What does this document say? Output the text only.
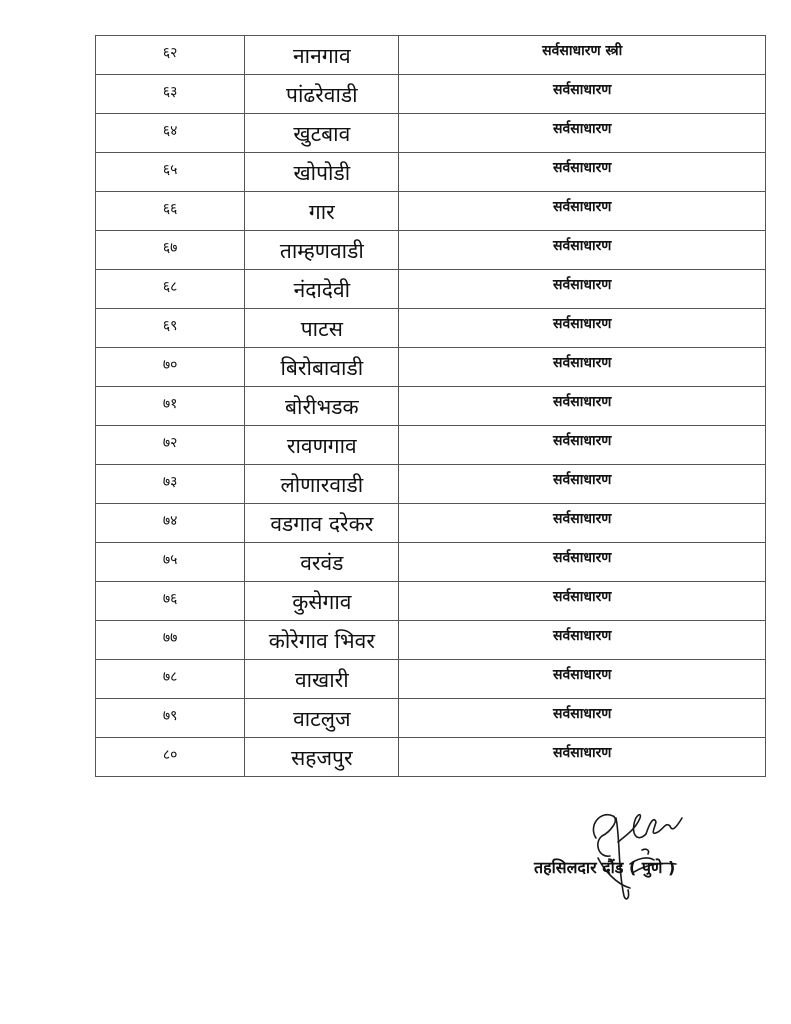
६२	नानगाव	सर्वसाधारण स्त्री
६३	पांढरेवाडी	सर्वसाधारण
६४	खुटबाव	सर्वसाधारण
६५	खोपोडी	सर्वसाधारण
६६	गार	सर्वसाधारण
६७	ताम्हणवाडी	सर्वसाधारण
६८	नंदादेवी	सर्वसाधारण
६९	पाटस	सर्वसाधारण
७०	बिरोबावाडी	सर्वसाधारण
७१	बोरीभडक	सर्वसाधारण
७२	रावणगाव	सर्वसाधारण
७३	लोणारवाडी	सर्वसाधारण
७४	वडगाव दरेकर	सर्वसाधारण
७५	वरवंड	सर्वसाधारण
७६	कुसेगाव	सर्वसाधारण
७७	कोरेगाव भिवर	सर्वसाधारण
७८	वाखारी	सर्वसाधारण
७९	वाटलुज	सर्वसाधारण
८०	सहजपुर	सर्वसाधारण
तहसिलदार दौंड ( पुणे )
